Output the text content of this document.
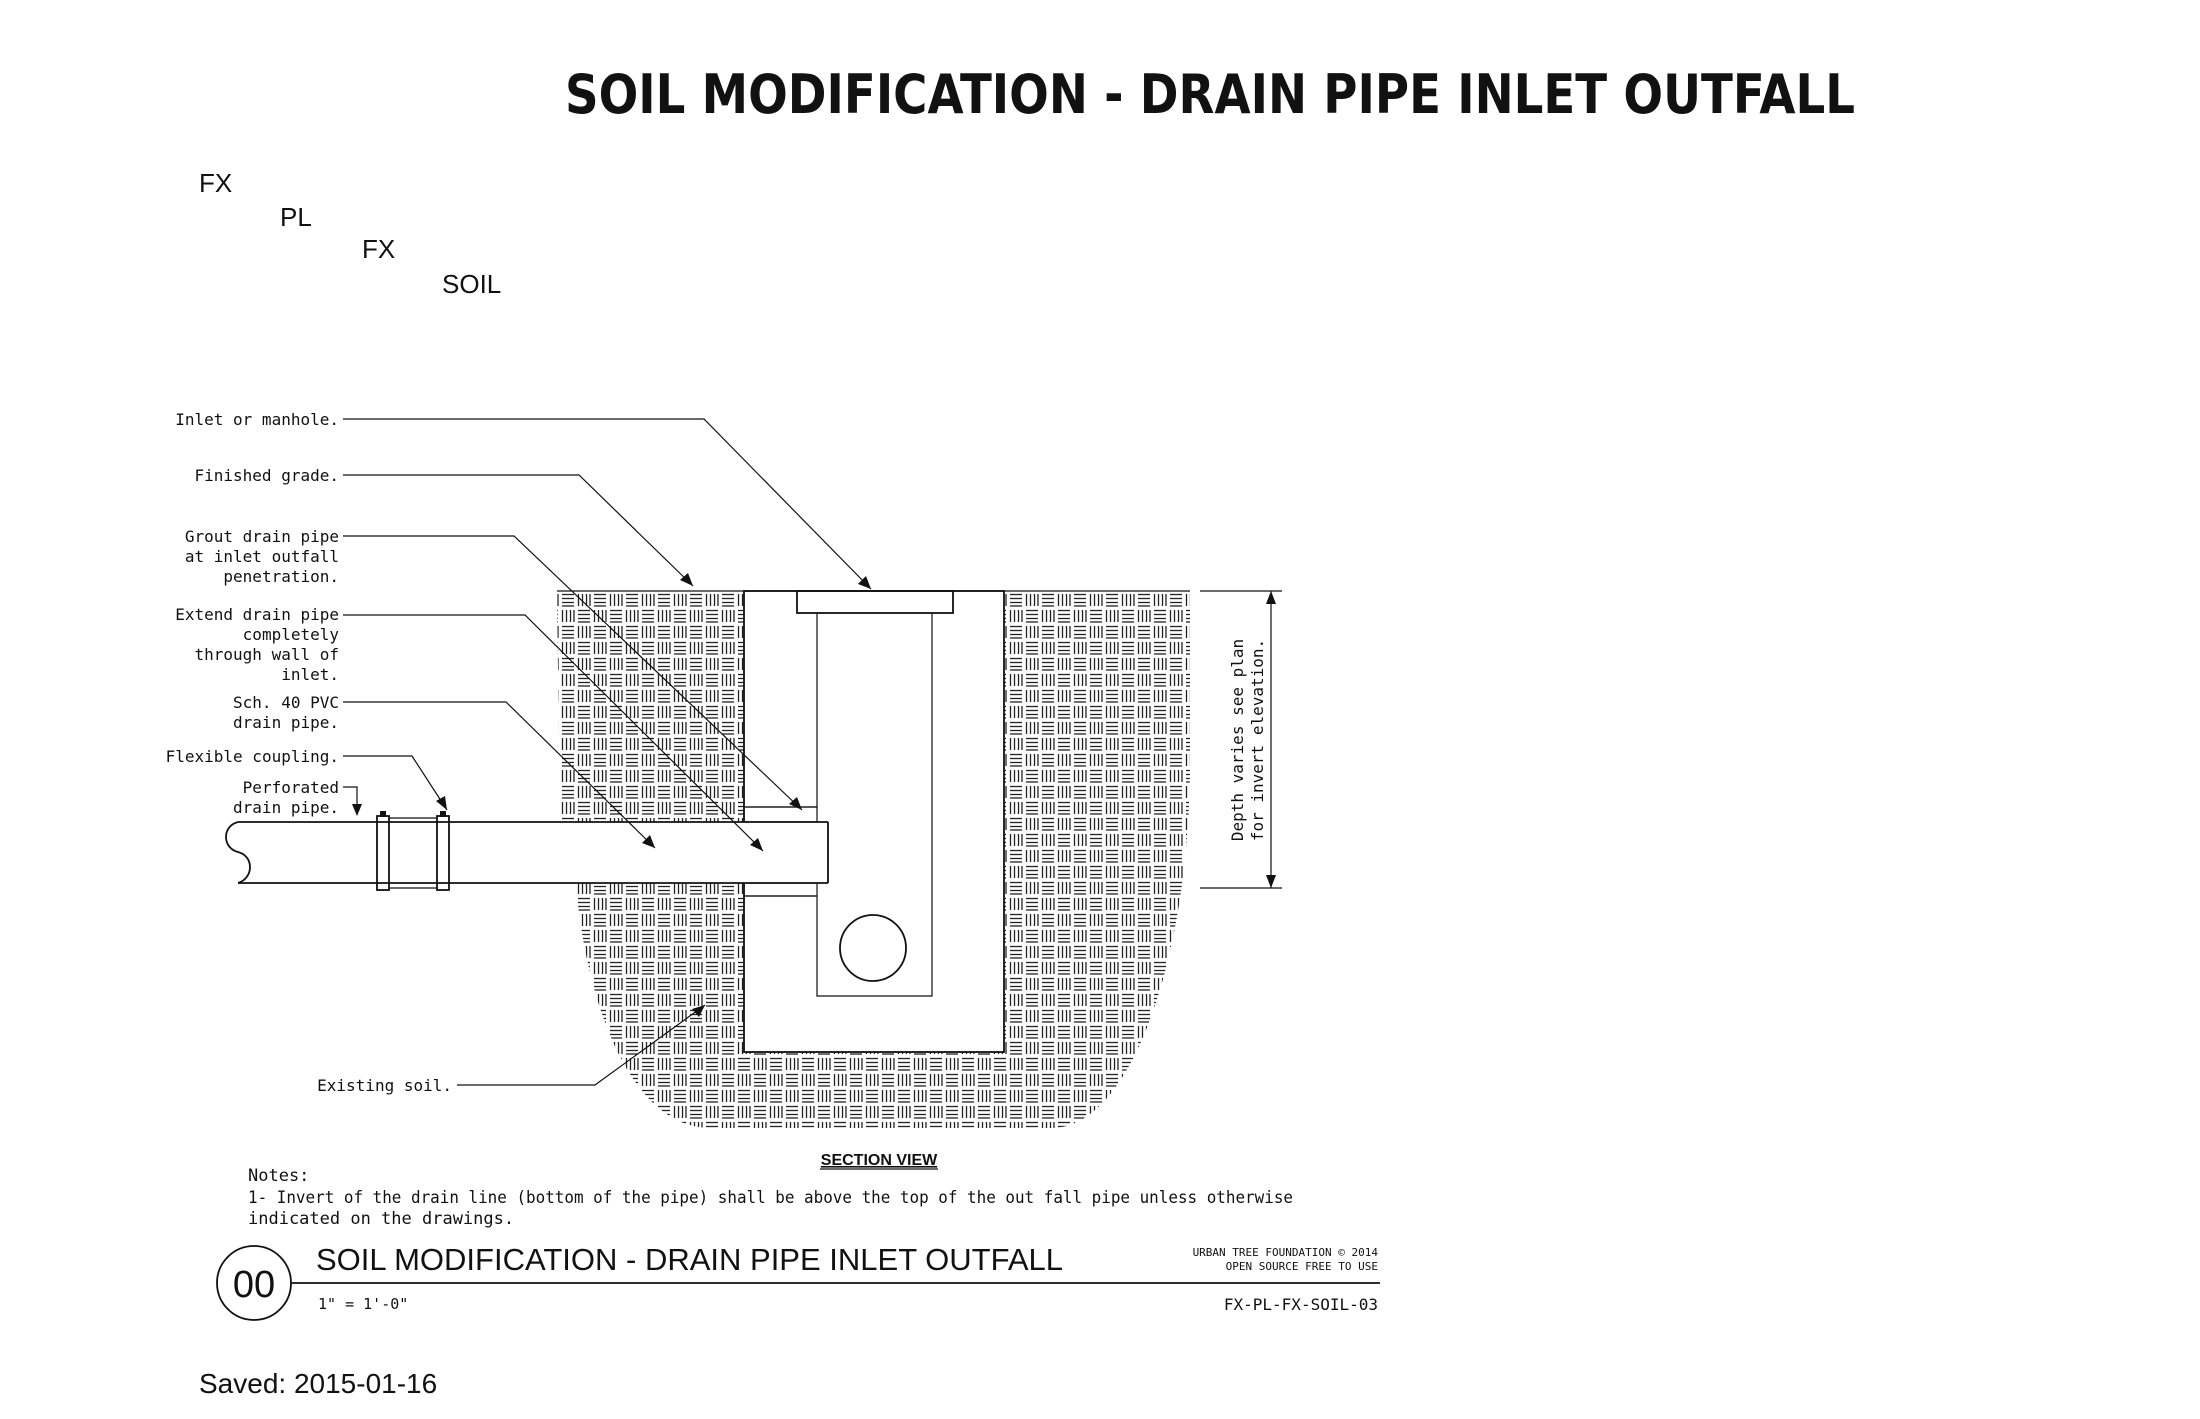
SOIL MODIFICATION - DRAIN PIPE INLET OUTFALL
FX
PL
FX
SOIL
Depth varies see plan for invert elevation.
Inlet or manhole.
Finished grade.
Grout drain pipe
at inlet outfall
penetration.
Extend drain pipe
completely
through wall of
inlet.
Sch. 40 PVC
drain pipe.
Flexible coupling.
Perforated
drain pipe.
Existing soil.
SECTION VIEW
Notes:
1- Invert of the drain line (bottom of the pipe) shall be above the top of the out fall pipe unless otherwise
indicated on the drawings.
00
SOIL MODIFICATION - DRAIN PIPE INLET OUTFALL	URBAN TREE FOUNDATION © 2014
OPEN SOURCE FREE TO USE
1" = 1'-0"	FX-PL-FX-SOIL-03
Saved: 2015-01-16
